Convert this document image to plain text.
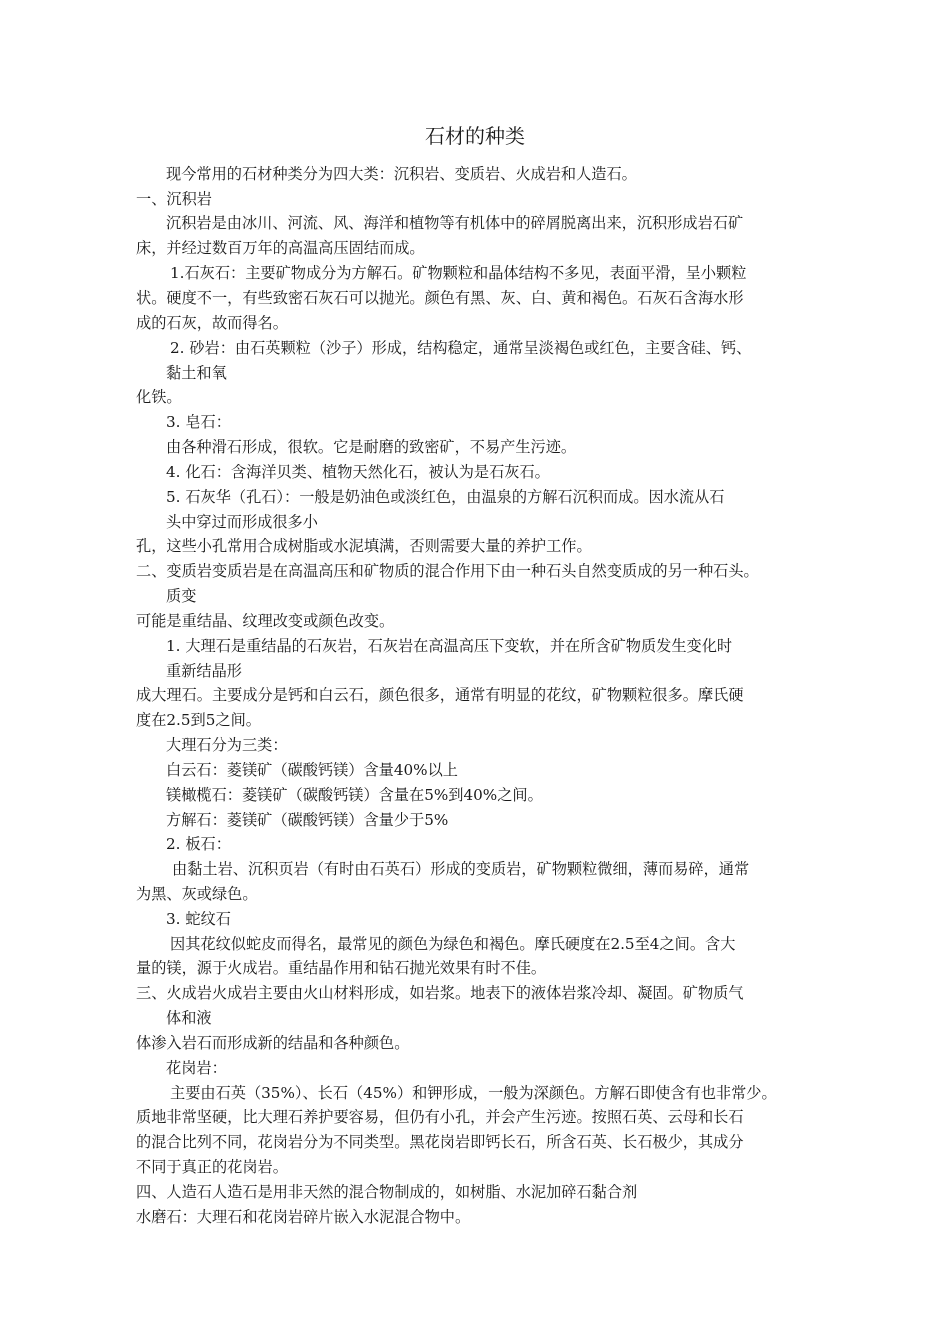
石材的种类
现今常用的石材种类分为四大类：沉积岩、变质岩、火成岩和人造石。
一、沉积岩
沉积岩是由冰川、河流、风、海洋和植物等有机体中的碎屑脱离出来，沉积形成岩石矿
床，并经过数百万年的高温高压固结而成。
1.石灰石：主要矿物成分为方解石。矿物颗粒和晶体结构不多见，表面平滑，呈小颗粒
状。硬度不一，有些致密石灰石可以抛光。颜色有黑、灰、白、黄和褐色。石灰石含海水形
成的石灰，故而得名。
2. 砂岩：由石英颗粒（沙子）形成，结构稳定，通常呈淡褐色或红色，主要含硅、钙、
黏土和氧
化铁。
3. 皂石：
由各种滑石形成，很软。它是耐磨的致密矿，不易产生污迹。
4. 化石：含海洋贝类、植物天然化石，被认为是石灰石。
5. 石灰华（孔石）：一般是奶油色或淡红色，由温泉的方解石沉积而成。因水流从石
头中穿过而形成很多小
孔，这些小孔常用合成树脂或水泥填满，否则需要大量的养护工作。
二、变质岩变质岩是在高温高压和矿物质的混合作用下由一种石头自然变质成的另一种石头。
质变
可能是重结晶、纹理改变或颜色改变。
1. 大理石是重结晶的石灰岩，石灰岩在高温高压下变软，并在所含矿物质发生变化时
重新结晶形
成大理石。主要成分是钙和白云石，颜色很多，通常有明显的花纹，矿物颗粒很多。摩氏硬
度在2.5到5之间。
大理石分为三类：
白云石：菱镁矿（碳酸钙镁）含量40%以上
镁橄榄石：菱镁矿（碳酸钙镁）含量在5%到40%之间。
方解石：菱镁矿（碳酸钙镁）含量少于5%
2. 板石：
由黏土岩、沉积页岩（有时由石英石）形成的变质岩，矿物颗粒微细，薄而易碎，通常
为黑、灰或绿色。
3. 蛇纹石
因其花纹似蛇皮而得名，最常见的颜色为绿色和褐色。摩氏硬度在2.5至4之间。含大
量的镁，源于火成岩。重结晶作用和钻石抛光效果有时不佳。
三、火成岩火成岩主要由火山材料形成，如岩浆。地表下的液体岩浆冷却、凝固。矿物质气
体和液
体渗入岩石而形成新的结晶和各种颜色。
花岗岩：
主要由石英（35%）、长石（45%）和钾形成，一般为深颜色。方解石即使含有也非常少。
质地非常坚硬，比大理石养护要容易，但仍有小孔，并会产生污迹。按照石英、云母和长石
的混合比列不同，花岗岩分为不同类型。黑花岗岩即钙长石，所含石英、长石极少，其成分
不同于真正的花岗岩。
四、人造石人造石是用非天然的混合物制成的，如树脂、水泥加碎石黏合剂
水磨石：大理石和花岗岩碎片嵌入水泥混合物中。
